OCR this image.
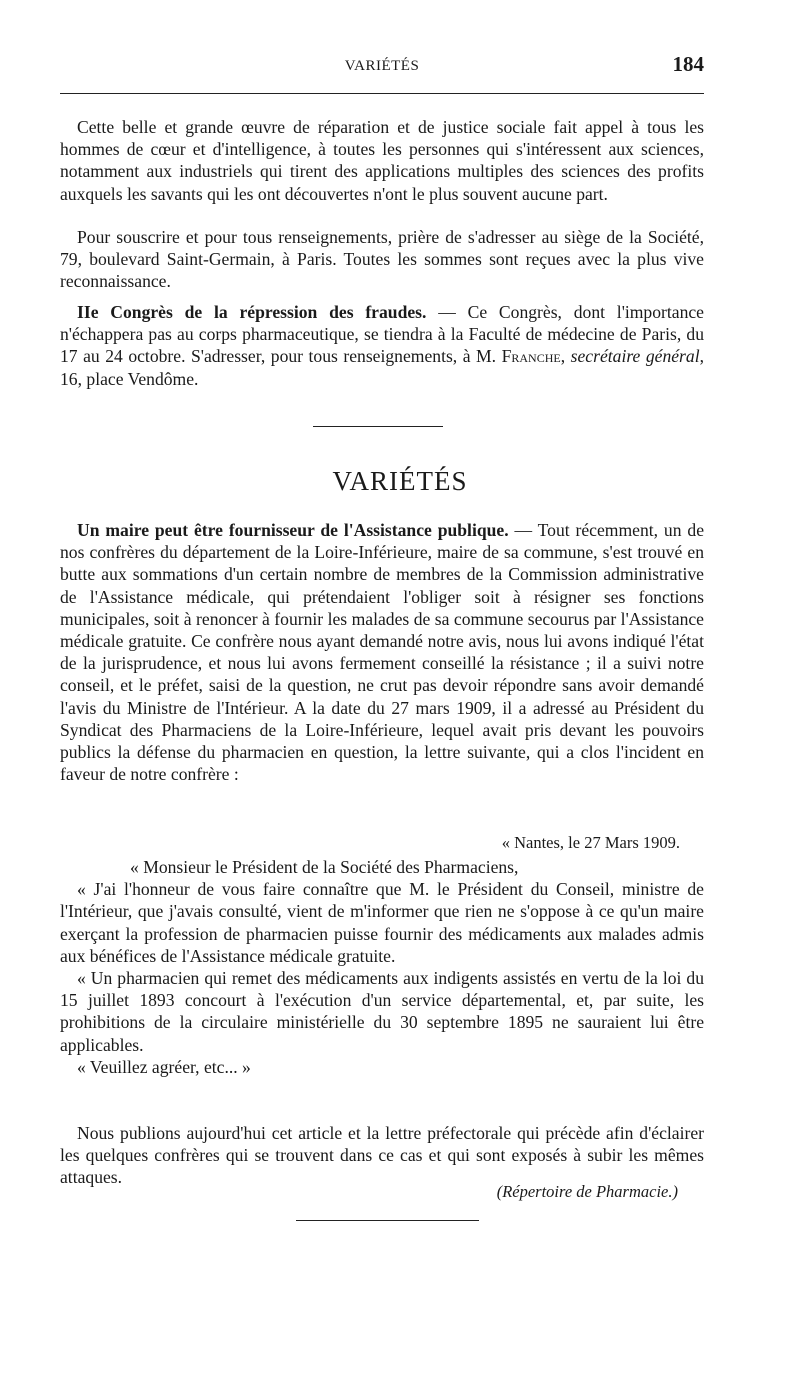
VARIÉTÉS	184

Cette belle et grande œuvre de réparation et de justice sociale fait appel à tous les hommes de cœur et d'intelligence, à toutes les personnes qui s'intéressent aux sciences, notamment aux industriels qui tirent des applications multiples des sciences des profits auxquels les savants qui les ont découvertes n'ont le plus souvent aucune part.

Pour souscrire et pour tous renseignements, prière de s'adresser au siège de la Société, 79, boulevard Saint-Germain, à Paris. Toutes les sommes sont reçues avec la plus vive reconnaissance.

IIe Congrès de la répression des fraudes. — Ce Congrès, dont l'importance n'échappera pas au corps pharmaceutique, se tiendra à la Faculté de médecine de Paris, du 17 au 24 octobre. S'adresser, pour tous renseignements, à M. Franche, secrétaire général, 16, place Vendôme.

VARIÉTÉS

Un maire peut être fournisseur de l'Assistance publique. — Tout récemment, un de nos confrères du département de la Loire-Inférieure, maire de sa commune, s'est trouvé en butte aux sommations d'un certain nombre de membres de la Commission administrative de l'Assistance médicale, qui prétendaient l'obliger soit à résigner ses fonctions municipales, soit à renoncer à fournir les malades de sa commune secourus par l'Assistance médicale gratuite. Ce confrère nous ayant demandé notre avis, nous lui avons indiqué l'état de la jurisprudence, et nous lui avons fermement conseillé la résistance ; il a suivi notre conseil, et le préfet, saisi de la question, ne crut pas devoir répondre sans avoir demandé l'avis du Ministre de l'Intérieur. A la date du 27 mars 1909, il a adressé au Président du Syndicat des Pharmaciens de la Loire-Inférieure, lequel avait pris devant les pouvoirs publics la défense du pharmacien en question, la lettre suivante, qui a clos l'incident en faveur de notre confrère :

« Nantes, le 27 Mars 1909.

« Monsieur le Président de la Société des Pharmaciens,

« J'ai l'honneur de vous faire connaître que M. le Président du Conseil, ministre de l'Intérieur, que j'avais consulté, vient de m'informer que rien ne s'oppose à ce qu'un maire exerçant la profession de pharmacien puisse fournir des médicaments aux malades admis aux bénéfices de l'Assistance médicale gratuite.

« Un pharmacien qui remet des médicaments aux indigents assistés en vertu de la loi du 15 juillet 1893 concourt à l'exécution d'un service départemental, et, par suite, les prohibitions de la circulaire ministérielle du 30 septembre 1895 ne sauraient lui être applicables.

« Veuillez agréer, etc... »

Nous publions aujourd'hui cet article et la lettre préfectorale qui précède afin d'éclairer les quelques confrères qui se trouvent dans ce cas et qui sont exposés à subir les mêmes attaques.

(Répertoire de Pharmacie.)
